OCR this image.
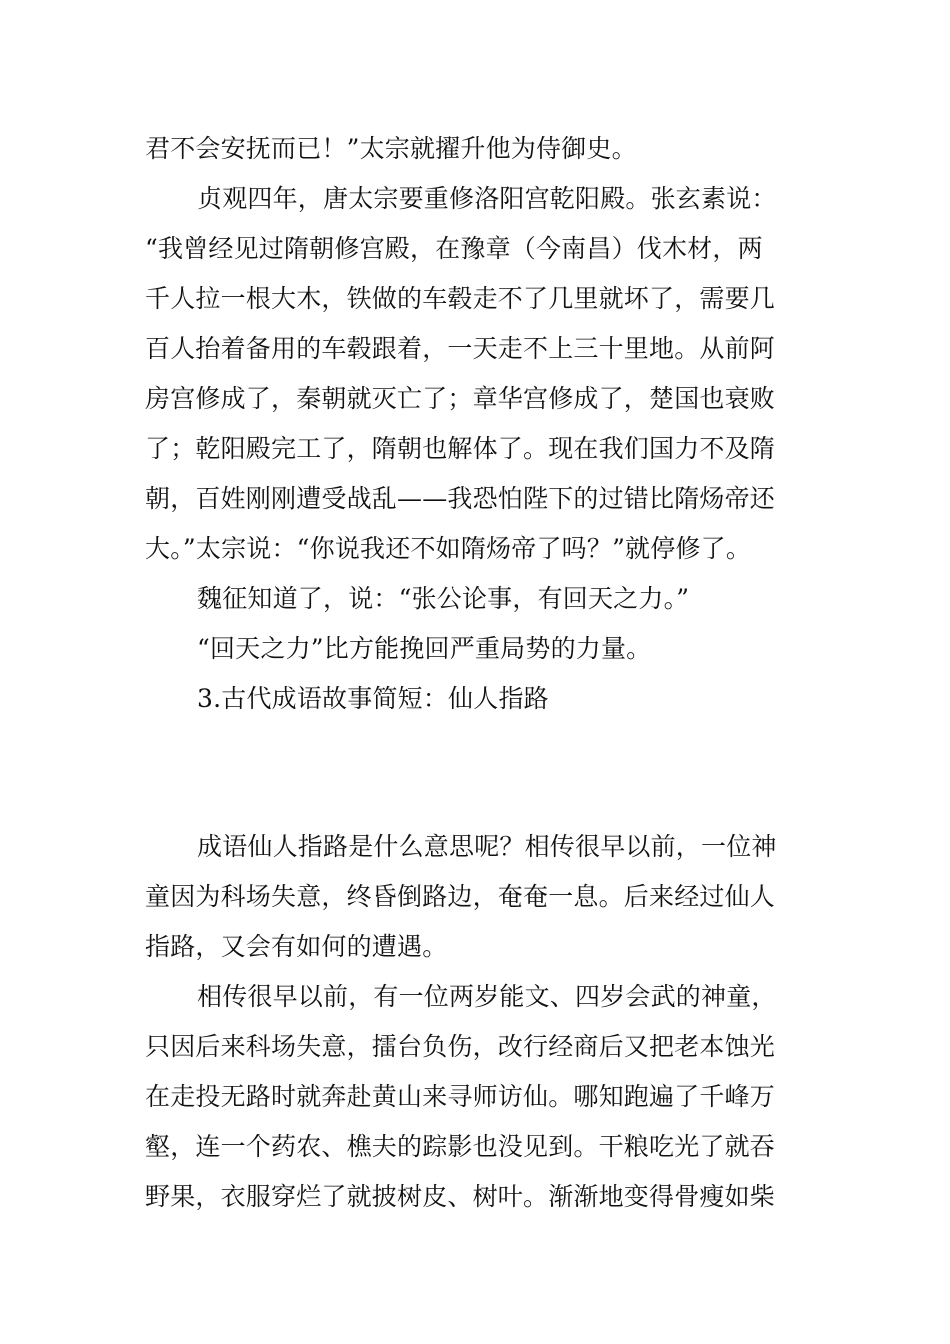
君不会安抚而已！”太宗就擢升他为侍御史。
贞观四年，唐太宗要重修洛阳宫乾阳殿。张玄素说：
“我曾经见过隋朝修宫殿，在豫章（今南昌）伐木材，两
千人拉一根大木，铁做的车毂走不了几里就坏了，需要几
百人抬着备用的车毂跟着，一天走不上三十里地。从前阿
房宫修成了，秦朝就灭亡了；章华宫修成了，楚国也衰败
了；乾阳殿完工了，隋朝也解体了。现在我们国力不及隋
朝，百姓刚刚遭受战乱——我恐怕陛下的过错比隋炀帝还
大。”太宗说：“你说我还不如隋炀帝了吗？”就停修了。
魏征知道了，说：“张公论事，有回天之力。”
“回天之力”比方能挽回严重局势的力量。
3.古代成语故事简短：仙人指路
成语仙人指路是什么意思呢？相传很早以前，一位神
童因为科场失意，终昏倒路边，奄奄一息。后来经过仙人
指路，又会有如何的遭遇。
相传很早以前，有一位两岁能文、四岁会武的神童，
只因后来科场失意，擂台负伤，改行经商后又把老本蚀光
在走投无路时就奔赴黄山来寻师访仙。哪知跑遍了千峰万
壑，连一个药农、樵夫的踪影也没见到。干粮吃光了就吞
野果，衣服穿烂了就披树皮、树叶。渐渐地变得骨瘦如柴
